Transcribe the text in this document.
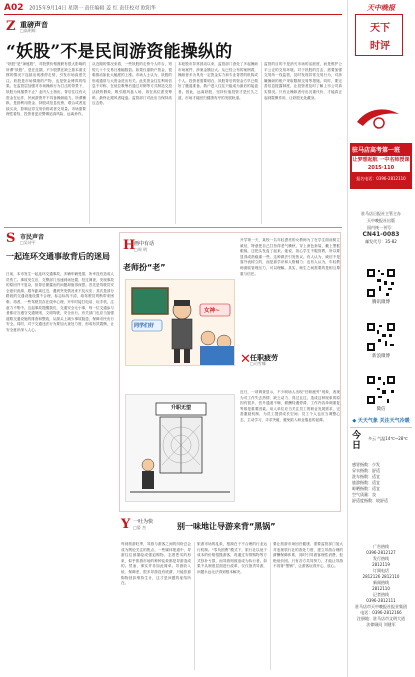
A02 2015年9月14日 星期一 责任编辑 姜 红 责任校对 欧阳华
Z 重磅声音
□高明辉
“妖股”不是民间游资能操纵的
“妖股”是“神秘股”，对股票价格涨跌有很大影响的所谓“妖股”，是在近期，不少股票在缺乏基本面支撑的情况下连续出现涨停走势，引发市场高度关注。妖股是市场情绪的产物，也是资金博弈的结果。在监管层加强对市场操纵行为打击的背景下，妖股为何屡禁不止？业内人士指出，背后往往有大资金在运作，民间游资并不具备操纵能力。所谓操纵，是指利用资金、持股或信息优势，联合或者连续买卖，影响证券交易价格或者交易量。市场需要理性看待，投资者更应警惕追高风险，远离炒作。
从近期的情况来看，一些妖股的走势令人咋舌，短短几十个交易日涨幅数倍。如果仅靠散户资金，很难推动如此大幅度的上涨。市场人士认为，妖股的形成通常与大资金进出有关。此类资金往往利用信息不对称，在低位吸筹后通过对倒等方式制造交投活跃的假象，吸引跟风盘入场，再在高位派发筹码，最终让跟风者接盘。监管部门对此应当保持高压态势。
本轮股市异常波动以来，监管部门查处了多起操纵市场案件，涉案金额巨大。从已经公布的案例看，操纵者多为具有一定资金实力和专业背景的机构或个人。投资者需要明白，妖股背后的资金方早已做好了撤退准备，散户进入往往只能成为最后的接盘者。因此，远离妖股、坚持价值投资才是长久之道，市场才能回归健康有序的发展轨道。
监管的目的不是消灭市场的活跃度，而是维护公平公正的交易环境。对于妖股的打击，需要加强交易所一线监管，及时发现异常交易行为，对涉嫌操纵的账户采取限制交易等措施。同时，要完善信息披露制度，让投资者及时了解上市公司真实情况。只有让操纵者付出沉重代价，才能真正起到震慑作用，让妖股无处藏身。
S 市民声音
□吴诗平
一起连环交通事故背后的迷局
日前，本市发生一起连环交通事故，多辆车辆受损，所幸没有造成人员伤亡。事故发生后，交警部门迅速到场处置，经过调查，发现事故的原因并不复杂，但背后暴露出的问题却值得深思。首先是驾驶员安全意识淡薄，跟车距离过近，遇到突发情况来不及反应；其次是部分路段的交通设施设置不合理，标志标线不清，给驾驶员判断带来困难；再者，一些驾驶员存在侥幸心理，开车时接打电话、玩手机，注意力不集中。这起事故提醒我们，交通安全无小事，每一位交通参与者都应当遵守交通规则，文明驾驶，安全出行。有关部门也应当加强道路交通设施的排查和整改，从源头上减少事故隐患，保障市民出行安全。同时，对于交通违法行为要加大查处力度，形成有效震慑，让安全意识深入人心。
H
画中有话
□周 明
老师扮“老”
同学们好
女神~
开学第一天，某校一名年轻漂亮的女教师为了在学生面前树立威信，特意把自己打扮得老气横秋，穿上深色套装，戴上黑框眼镜，还把头发盘了起来。她说，担心学生不服管教，所以要显得成熟稳重一些。这种做法引发热议。有人认为，威信不是靠外表树立的，而是靠学识和人格魅力；也有人认为，年轻教师面临管理压力，可以理解。其实，师生之间需要的是相互尊重与信任。
✕ 任职疲劳
□司雪娜
升职无望
近日，一项调查显示，不少职场人出现“任职疲劳”现象，表现为对工作失去热情、缺乏动力、得过且过。造成这种现象的原因有很多，晋升通道不畅、薪酬待遇停滞、工作内容单调重复等都是重要因素。用人单位应当关注员工的职业发展需求，完善激励机制，为员工提供成长空间；员工个人也应当调整心态，主动学习，寻求突破，避免陷入职业倦怠的泥潭。
Y 一吐为快
□晏 杰	别一味地让导游来背“黑锅”
每到旅游旺季，导游与游客之间的纠纷总会成为舆论关注的焦点。一些媒体报道中，导游往往被描绘成强迫购物、态度恶劣的形象，似乎旅游市场的种种乱象都是导游造成的。然而，事实并非如此简单。导游收入低、保障差，很多导游没有底薪，只能依靠购物回扣维持生计，这才是问题的症结所在。
旅游市场的乱象，根源在于不合理的行业运行机制。“零负团费”模式下，旅行社以低于成本的价格招揽游客，再通过安排购物等方式弥补亏损，而导游则被迫成为执行者。如果不从制度层面进行改革，仅仅指责导游，问题永远无法得到根本解决。
要让旅游市场回归健康，需要监管部门加大对违规旅行社的查处力度，建立导游合理的薪酬保障体系，同时引导游客理性消费，拒绝低价团。只有各方共同努力，才能让导游不再背“黑锅”，让游客玩得开心、放心。
天中晚报
天下
时评
驻马店高考第一班
让梦想起航 一中名师授课 2015·110
报名电话：0396-2812110
驻马店日报社主管主办
天中晚报社出版
国内统一刊号：
CN41-0083
邮发代号：35-82
腾讯微博
新浪微博
微信
◆ 天天气象 关注天气冷暖
今日
多云 气温14℃~28℃
感冒指数：少发
穿衣指数：舒适
洗车指数：适宜
旅游指数：适宜
晾晒指数：适宜
空气质量：良
舒适度指数：较舒适
广告热线
0396-2812127
发行热线
2812119
订阅电话
2812126 2812110
新闻热线
2812110
记者热线
0396-2812111
驻马店市天中晚报社报业集团
电话：0396-2812166
注册地：驻马店市文明大道
法律顾问 刘建军
